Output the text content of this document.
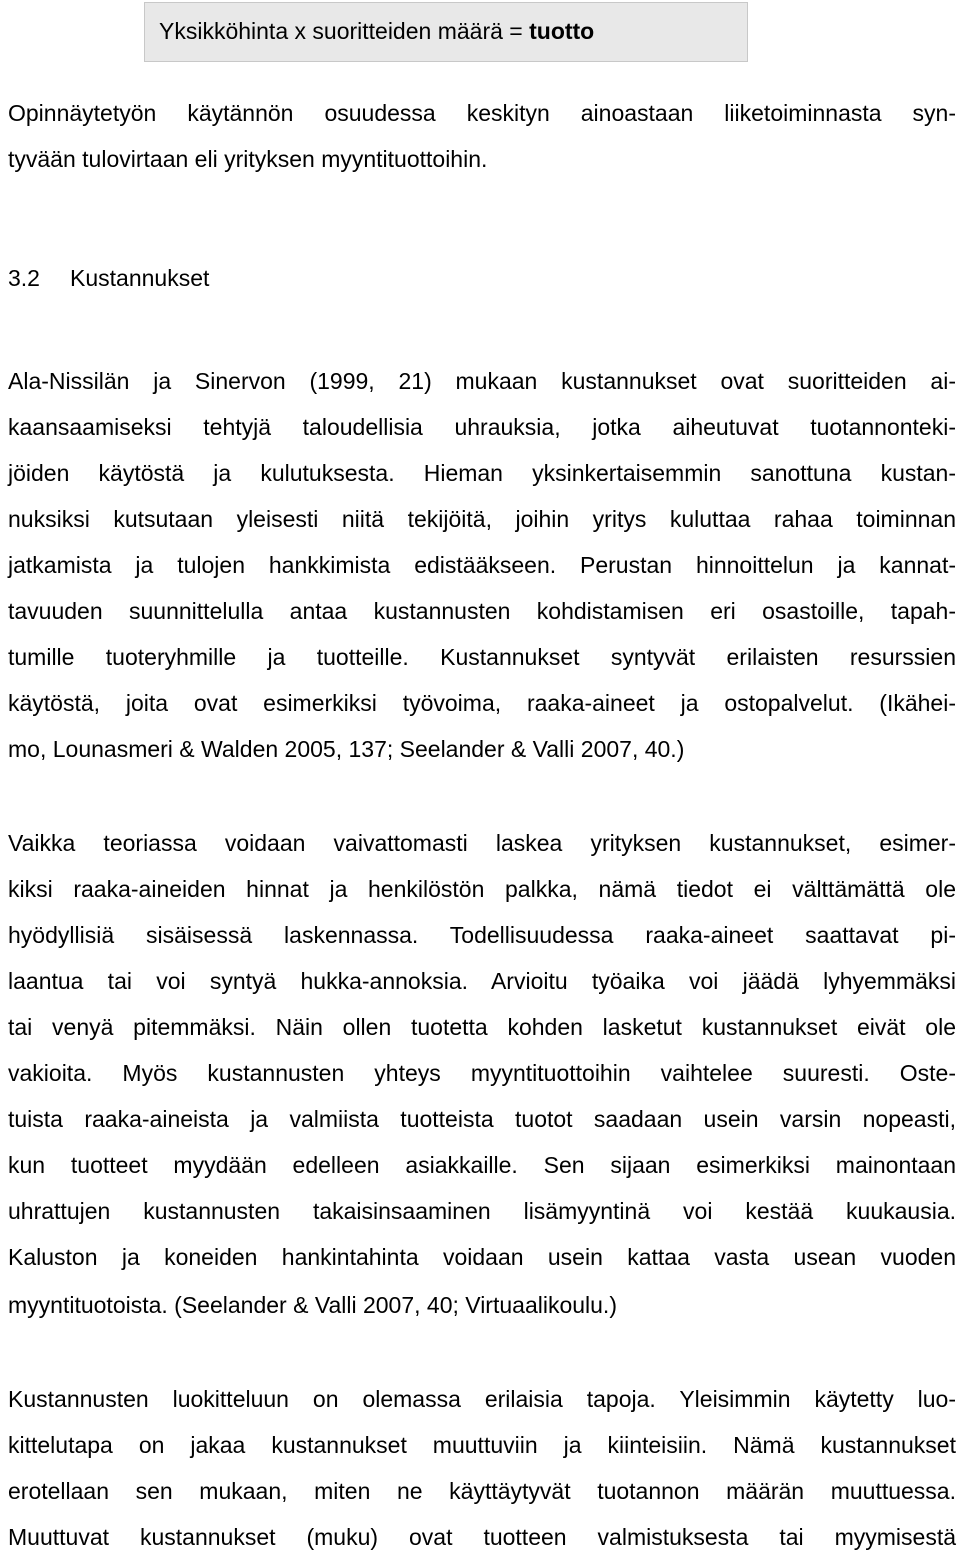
Yksikköhinta x suoritteiden määrä = tuotto
Opinnäytetyön käytännön osuudessa keskityn ainoastaan liiketoiminnasta syn-
tyvään tulovirtaan eli yrityksen myyntituottoihin.
3.2 Kustannukset
Ala-Nissilän ja Sinervon (1999, 21) mukaan kustannukset ovat suoritteiden ai-
kaansaamiseksi tehtyjä taloudellisia uhrauksia, jotka aiheutuvat tuotannonteki-
jöiden käytöstä ja kulutuksesta. Hieman yksinkertaisemmin sanottuna kustan-
nuksiksi kutsutaan yleisesti niitä tekijöitä, joihin yritys kuluttaa rahaa toiminnan
jatkamista ja tulojen hankkimista edistääkseen. Perustan hinnoittelun ja kannat-
tavuuden suunnittelulla antaa kustannusten kohdistamisen eri osastoille, tapah-
tumille tuoteryhmille ja tuotteille. Kustannukset syntyvät erilaisten resurssien
käytöstä, joita ovat esimerkiksi työvoima, raaka-aineet ja ostopalvelut. (Ikähei-
mo, Lounasmeri & Walden 2005, 137; Seelander & Valli 2007, 40.)
Vaikka teoriassa voidaan vaivattomasti laskea yrityksen kustannukset, esimer-
kiksi raaka-aineiden hinnat ja henkilöstön palkka, nämä tiedot ei välttämättä ole
hyödyllisiä sisäisessä laskennassa. Todellisuudessa raaka-aineet saattavat pi-
laantua tai voi syntyä hukka-annoksia. Arvioitu työaika voi jäädä lyhyemmäksi
tai venyä pitemmäksi. Näin ollen tuotetta kohden lasketut kustannukset eivät ole
vakioita. Myös kustannusten yhteys myyntituottoihin vaihtelee suuresti. Oste-
tuista raaka-aineista ja valmiista tuotteista tuotot saadaan usein varsin nopeasti,
kun tuotteet myydään edelleen asiakkaille. Sen sijaan esimerkiksi mainontaan
uhrattujen kustannusten takaisinsaaminen lisämyyntinä voi kestää kuukausia.
Kaluston ja koneiden hankintahinta voidaan usein kattaa vasta usean vuoden
myyntituotoista. (Seelander & Valli 2007, 40; Virtuaalikoulu.)
Kustannusten luokitteluun on olemassa erilaisia tapoja. Yleisimmin käytetty luo-
kittelutapa on jakaa kustannukset muuttuviin ja kiinteisiin. Nämä kustannukset
erotellaan sen mukaan, miten ne käyttäytyvät tuotannon määrän muuttuessa.
Muuttuvat kustannukset (muku) ovat tuotteen valmistuksesta tai myymisestä
